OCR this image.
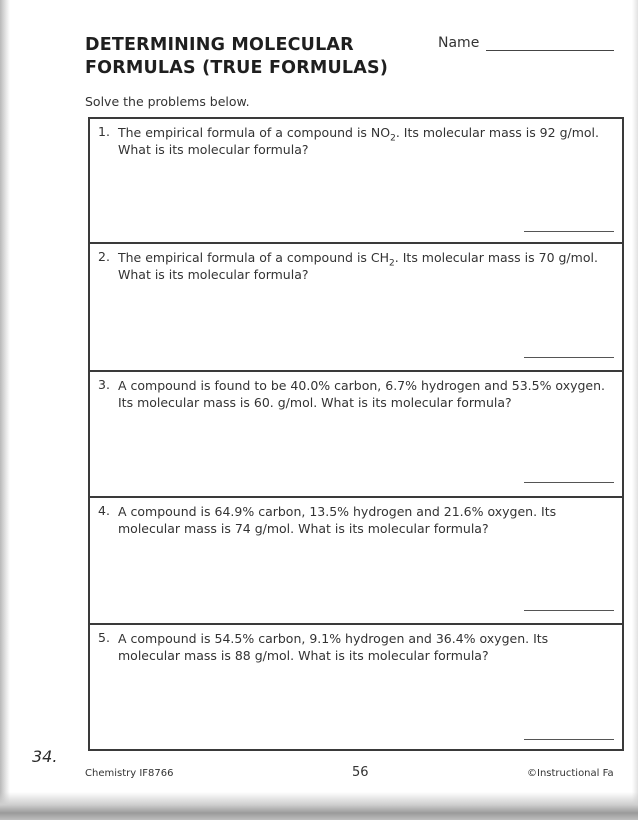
DETERMINING MOLECULAR
FORMULAS (TRUE FORMULAS)
Name
Solve the problems below.
1. The empirical formula of a compound is $NO_2$. Its molecular mass is 92 g/mol. What is its molecular formula?
2. The empirical formula of a compound is $CH_2$. Its molecular mass is 70 g/mol. What is its molecular formula?
3. A compound is found to be 40.0% carbon, 6.7% hydrogen and 53.5% oxygen. Its molecular mass is 60. g/mol. What is its molecular formula?
4. A compound is 64.9% carbon, 13.5% hydrogen and 21.6% oxygen. Its molecular mass is 74 g/mol. What is its molecular formula?
5. A compound is 54.5% carbon, 9.1% hydrogen and 36.4% oxygen. Its molecular mass is 88 g/mol. What is its molecular formula?
34.
Chemistry IF8766	56	©Instructional Fa
